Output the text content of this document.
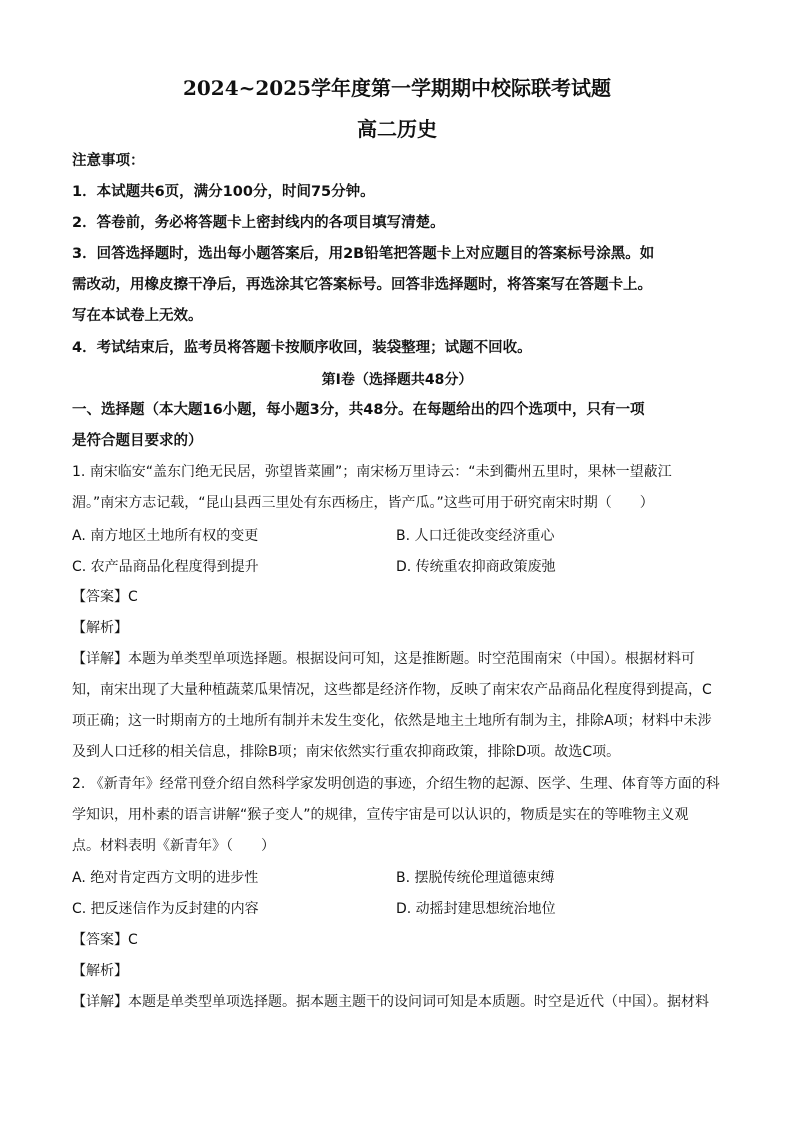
2024~2025学年度第一学期期中校际联考试题
高二历史
注意事项：
1．本试题共6页，满分100分，时间75分钟。
2．答卷前，务必将答题卡上密封线内的各项目填写清楚。
3．回答选择题时，选出每小题答案后，用2B铅笔把答题卡上对应题目的答案标号涂黑。如
需改动，用橡皮擦干净后，再选涂其它答案标号。回答非选择题时，将答案写在答题卡上。
写在本试卷上无效。
4．考试结束后，监考员将答题卡按顺序收回，装袋整理；试题不回收。
第Ⅰ卷（选择题共48分）
一、选择题（本大题16小题，每小题3分，共48分。在每题给出的四个选项中，只有一项
是符合题目要求的）
1. 南宋临安“盖东门绝无民居，弥望皆菜圃”；南宋杨万里诗云：“未到衢州五里时，果林一望蔽江
湄。”南宋方志记载，“昆山县西三里处有东西杨庄，皆产瓜。”这些可用于研究南宋时期（　　）
A. 南方地区土地所有权的变更	B. 人口迁徙改变经济重心
C. 农产品商品化程度得到提升	D. 传统重农抑商政策废弛
【答案】C
【解析】
【详解】本题为单类型单项选择题。根据设问可知，这是推断题。时空范围南宋（中国）。根据材料可
知，南宋出现了大量种植蔬菜瓜果情况，这些都是经济作物，反映了南宋农产品商品化程度得到提高，C
项正确；这一时期南方的土地所有制并未发生变化，依然是地主土地所有制为主，排除A项；材料中未涉
及到人口迁移的相关信息，排除B项；南宋依然实行重农抑商政策，排除D项。故选C项。
2. 《新青年》经常刊登介绍自然科学家发明创造的事迹，介绍生物的起源、医学、生理、体育等方面的科
学知识，用朴素的语言讲解“猴子变人”的规律，宣传宇宙是可以认识的，物质是实在的等唯物主义观
点。材料表明《新青年》（　　）
A. 绝对肯定西方文明的进步性	B. 摆脱传统伦理道德束缚
C. 把反迷信作为反封建的内容	D. 动摇封建思想统治地位
【答案】C
【解析】
【详解】本题是单类型单项选择题。据本题主题干的设问词可知是本质题。时空是近代（中国）。据材料
